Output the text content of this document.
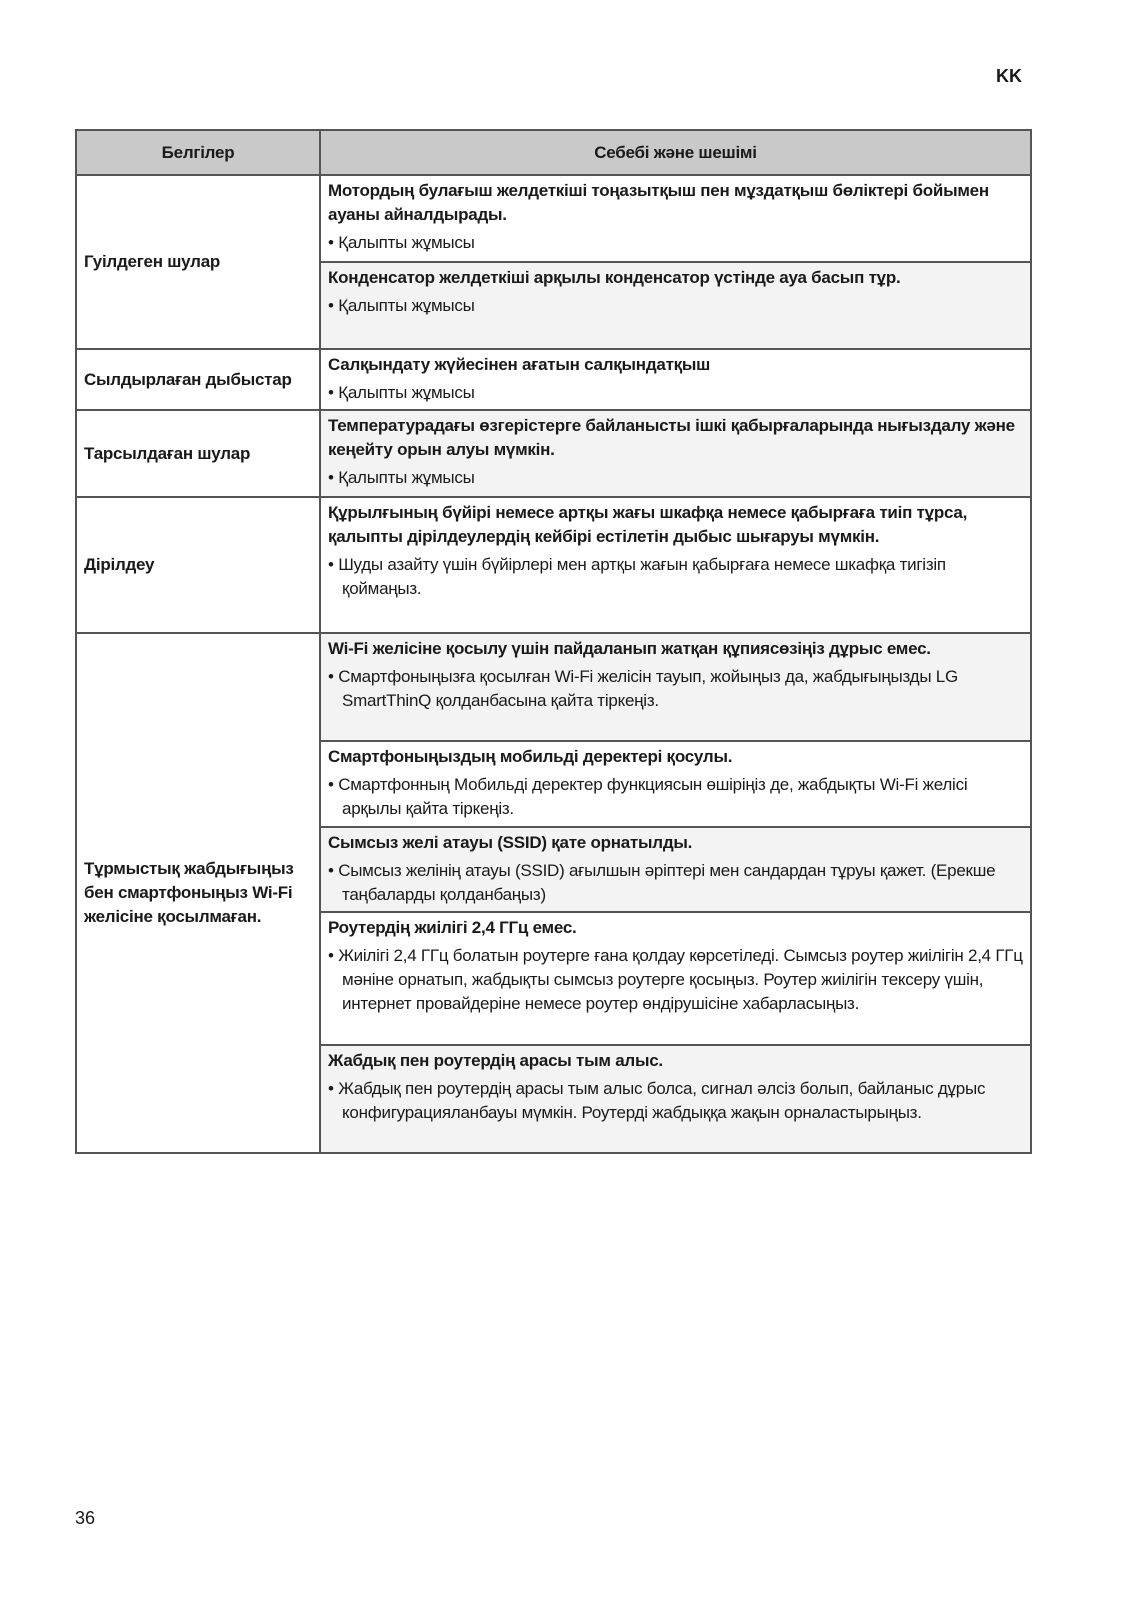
KK
Белгілер	Себебі және шешімі
Гуілдеген шулар	Мотордың булағыш желдеткіші тоңазытқыш пен мұздатқыш бөліктері бойымен ауаны айналдырады.
• Қалыпты жұмысы

	Конденсатор желдеткіші арқылы конденсатор үстінде ауа басып тұр.
• Қалыпты жұмысы

Сылдырлаған дыбыстар	Салқындату жүйесінен ағатын салқындатқыш
• Қалыпты жұмысы

Тарсылдаған шулар	Температурадағы өзгерістерге байланысты ішкі қабырғаларында нығыздалу және кеңейту орын алуы мүмкін.
• Қалыпты жұмысы

Дірілдеу	Құрылғының бүйірі немесе артқы жағы шкафқа немесе қабырғаға тиіп тұрса, қалыпты дірілдеулердің кейбірі естілетін дыбыс шығаруы мүмкін.
• Шуды азайту үшін бүйірлері мен артқы жағын қабырғаға немесе шкафқа тигізіп қоймаңыз.

Тұрмыстық жабдығыңыз бен смартфоныңыз Wi-Fi желісіне қосылмаған.	Wi-Fi желісіне қосылу үшін пайдаланып жатқан құпиясөзіңіз дұрыс емес.
• Смартфоныңызға қосылған Wi-Fi желісін тауып, жойыңыз да, жабдығыңызды LG SmartThinQ қолданбасына қайта тіркеңіз.

	Смартфоныңыздың мобильді деректері қосулы.
• Смартфонның Мобильді деректер функциясын өшіріңіз де, жабдықты Wi-Fi желісі арқылы қайта тіркеңіз.

	Сымсыз желі атауы (SSID) қате орнатылды.
• Сымсыз желінің атауы (SSID) ағылшын әріптері мен сандардан тұруы қажет. (Ерекше таңбаларды қолданбаңыз)

	Роутердің жиілігі 2,4 ГГц емес.
• Жиілігі 2,4 ГГц болатын роутерге ғана қолдау көрсетіледі. Сымсыз роутер жиілігін 2,4 ГГц мәніне орнатып, жабдықты сымсыз роутерге қосыңыз. Роутер жиілігін тексеру үшін, интернет провайдеріне немесе роутер өндірушісіне хабарласыңыз.

	Жабдық пен роутердің арасы тым алыс.
• Жабдық пен роутердің арасы тым алыс болса, сигнал әлсіз болып, байланыс дұрыс конфигурацияланбауы мүмкін. Роутерді жабдыққа жақын орналастырыңыз.
36
